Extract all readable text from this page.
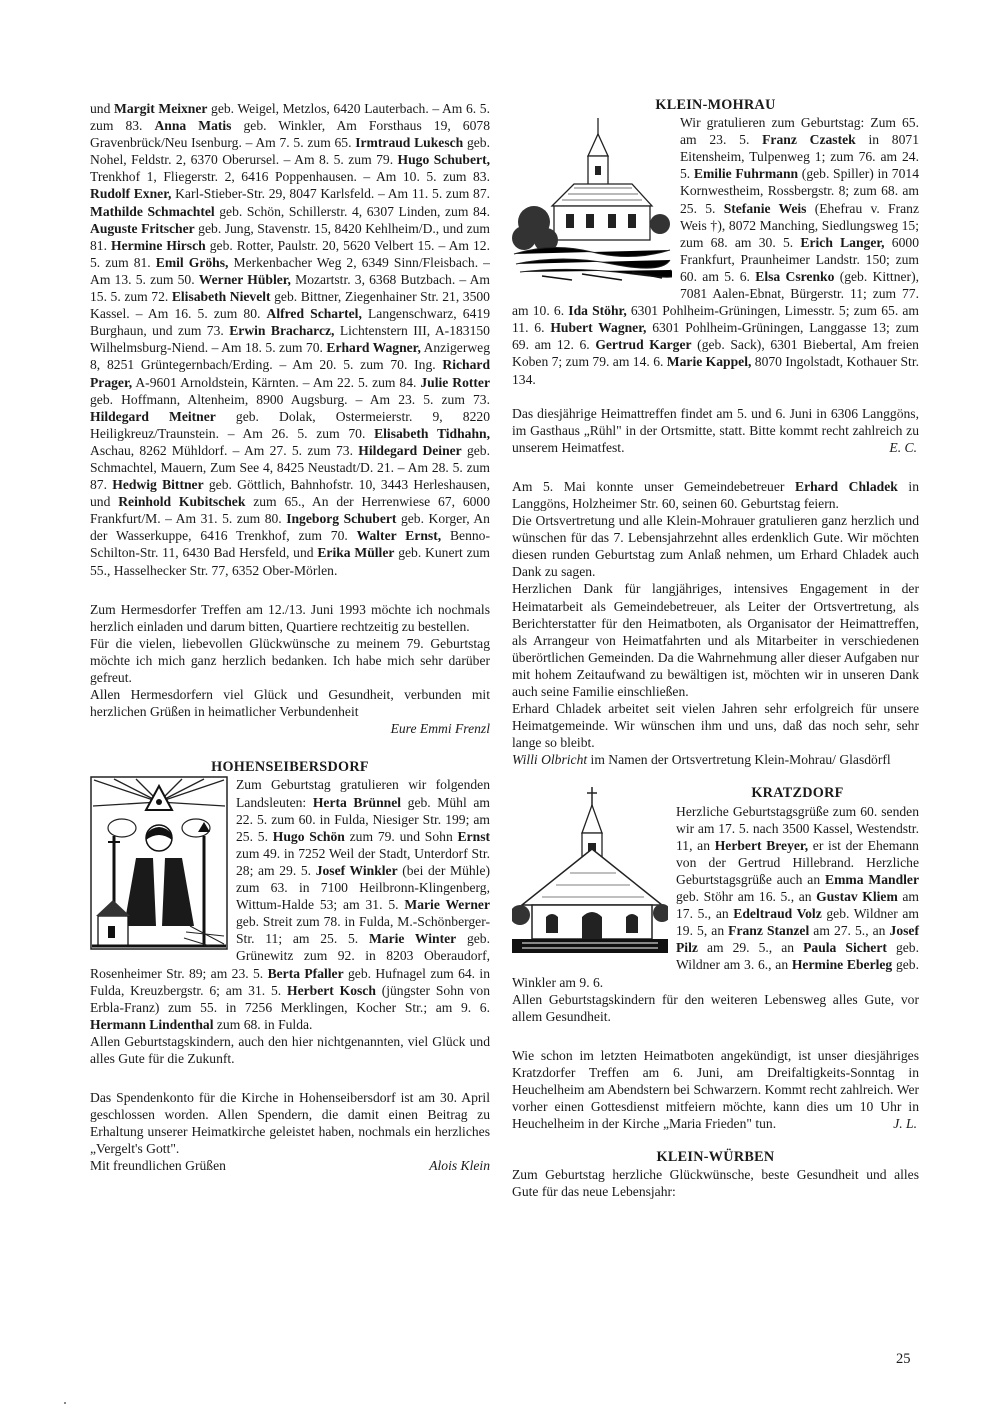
und Margit Meixner geb. Weigel, Metzlos, 6420 Lauterbach. – Am 6. 5. zum 83. Anna Matis geb. Winkler, Am Forsthaus 19, 6078 Gravenbrück/Neu Isenburg. – Am 7. 5. zum 65. Irmtraud Lukesch geb. Nohel, Feldstr. 2, 6370 Oberursel. – Am 8. 5. zum 79. Hugo Schubert, Trenkhof 1, Fliegerstr. 2, 6416 Poppenhausen. – Am 10. 5. zum 83. Rudolf Exner, Karl-Stieber-Str. 29, 8047 Karlsfeld. – Am 11. 5. zum 87. Mathilde Schmachtel geb. Schön, Schillerstr. 4, 6307 Linden, zum 84. Auguste Fritscher geb. Jung, Stavenstr. 15, 8420 Kehlheim/D., und zum 81. Hermine Hirsch geb. Rotter, Paulstr. 20, 5620 Velbert 15. – Am 12. 5. zum 81. Emil Gröhs, Merkenbacher Weg 2, 6349 Sinn/Fleisbach. – Am 13. 5. zum 50. Werner Hübler, Mozartstr. 3, 6368 Butzbach. – Am 15. 5. zum 72. Elisabeth Nievelt geb. Bittner, Ziegenhainer Str. 21, 3500 Kassel. – Am 16. 5. zum 80. Alfred Schartel, Langenschwarz, 6419 Burghaun, und zum 73. Erwin Bracharcz, Lichtenstern III, A-183150 Wilhelmsburg-Niend. – Am 18. 5. zum 70. Erhard Wagner, Anzigerweg 8, 8251 Grüntegernbach/Erding. – Am 20. 5. zum 70. Ing. Richard Prager, A-9601 Arnoldstein, Kärnten. – Am 22. 5. zum 84. Julie Rotter geb. Hoffmann, Altenheim, 8900 Augsburg. – Am 23. 5. zum 73. Hildegard Meitner geb. Dolak, Ostermeierstr. 9, 8220 Heiligkreuz/Traunstein. – Am 26. 5. zum 70. Elisabeth Tidhahn, Aschau, 8262 Mühldorf. – Am 27. 5. zum 73. Hildegard Deiner geb. Schmachtel, Mauern, Zum See 4, 8425 Neustadt/D. 21. – Am 28. 5. zum 87. Hedwig Bittner geb. Göttlich, Bahnhofstr. 10, 3443 Herleshausen, und Reinhold Kubitschek zum 65., An der Herrenwiese 67, 6000 Frankfurt/M. – Am 31. 5. zum 80. Ingeborg Schubert geb. Korger, An der Wasserkuppe, 6416 Trenkhof, zum 70. Walter Ernst, Benno-Schilton-Str. 11, 6430 Bad Hersfeld, und Erika Müller geb. Kunert zum 55., Hasselhecker Str. 77, 6352 Ober-Mörlen.

Zum Hermesdorfer Treffen am 12./13. Juni 1993 möchte ich nochmals herzlich einladen und darum bitten, Quartiere rechtzeitig zu bestellen.

Für die vielen, liebevollen Glückwünsche zu meinem 79. Geburtstag möchte ich mich ganz herzlich bedanken. Ich habe mich sehr darüber gefreut.

Allen Hermesdorfern viel Glück und Gesundheit, verbunden mit herzlichen Grüßen in heimatlicher Verbundenheit

Eure Emmi Frenzl

HOHENSEIBERSDORF

Zum Geburtstag gratulieren wir folgenden Landsleuten: Herta Brünnel geb. Mühl am 22. 5. zum 60. in Fulda, Niesiger Str. 199; am 25. 5. Hugo Schön zum 79. und Sohn Ernst zum 49. in 7252 Weil der Stadt, Unterdorf Str. 28; am 29. 5. Josef Winkler (bei der Mühle) zum 63. in 7100 Heilbronn-Klingenberg, Wittum-Halde 53; am 31. 5. Marie Werner geb. Streit zum 78. in Fulda, M.-Schönberger-Str. 11; am 25. 5. Marie Winter geb. Grünewitz zum 92. in 8203 Oberaudorf, Rosenheimer Str. 89; am 23. 5. Berta Pfaller geb. Hufnagel zum 64. in Fulda, Kreuzbergstr. 6; am 31. 5. Herbert Kosch (jüngster Sohn von Erbla-Franz) zum 55. in 7256 Merklingen, Kocher Str.; am 9. 6. Hermann Lindenthal zum 68. in Fulda.

Allen Geburtstagskindern, auch den hier nichtgenannten, viel Glück und alles Gute für die Zukunft.

Das Spendenkonto für die Kirche in Hohenseibersdorf ist am 30. April geschlossen worden. Allen Spendern, die damit einen Beitrag zu Erhaltung unserer Heimatkirche geleistet haben, nochmals ein herzliches „Vergelt's Gott".

Mit freundlichen Grüßen	Alois Klein
KLEIN-MOHRAU

Wir gratulieren zum Geburtstag: Zum 65. am 23. 5. Franz Czastek in 8071 Eitensheim, Tulpenweg 1; zum 76. am 24. 5. Emilie Fuhrmann (geb. Spiller) in 7014 Kornwestheim, Rossbergstr. 8; zum 68. am 25. 5. Stefanie Weis (Ehefrau v. Franz Weis †), 8072 Manching, Siedlungsweg 15; zum 68. am 30. 5. Erich Langer, 6000 Frankfurt, Praunheimer Landstr. 150; zum 60. am 5. 6. Elsa Csrenko (geb. Kittner), 7081 Aalen-Ebnat, Bürgerstr. 11; zum 77. am 10. 6. Ida Stöhr, 6301 Pohlheim-Grüningen, Limesstr. 5; zum 65. am 11. 6. Hubert Wagner, 6301 Pohlheim-Grüningen, Langgasse 13; zum 69. am 12. 6. Gertrud Karger (geb. Sack), 6301 Biebertal, Am freien Koben 7; zum 79. am 14. 6. Marie Kappel, 8070 Ingolstadt, Kothauer Str. 134.

Das diesjährige Heimattreffen findet am 5. und 6. Juni in 6306 Langgöns, im Gasthaus „Rühl" in der Ortsmitte, statt. Bitte kommt recht zahlreich zu unserem Heimatfest.	E. C.

Am 5. Mai konnte unser Gemeindebetreuer Erhard Chladek in Langgöns, Holzheimer Str. 60, seinen 60. Geburtstag feiern.

Die Ortsvertretung und alle Klein-Mohrauer gratulieren ganz herzlich und wünschen für das 7. Lebensjahrzehnt alles erdenklich Gute. Wir möchten diesen runden Geburtstag zum Anlaß nehmen, um Erhard Chladek auch Dank zu sagen.

Herzlichen Dank für langjähriges, intensives Engagement in der Heimatarbeit als Gemeindebetreuer, als Leiter der Ortsvertretung, als Berichterstatter für den Heimatboten, als Organisator der Heimattreffen, als Arrangeur von Heimatfahrten und als Mitarbeiter in verschiedenen überörtlichen Gemeinden. Da die Wahrnehmung aller dieser Aufgaben nur mit hohem Zeitaufwand zu bewältigen ist, möchten wir in unseren Dank auch seine Familie einschließen.

Erhard Chladek arbeitet seit vielen Jahren sehr erfolgreich für unsere Heimatgemeinde. Wir wünschen ihm und uns, daß das noch sehr, sehr lange so bleibt.

Willi Olbricht im Namen der Ortsvertretung Klein-Mohrau/ Glasdörfl

KRATZDORF
Herzliche Geburtstagsgrüße zum 60. senden wir am 17. 5. nach 3500 Kassel, Westendstr. 11, an Herbert Breyer, er ist der Ehemann von der Gertrud Hillebrand. Herzliche Geburtstagsgrüße auch an Emma Mandler geb. Stöhr am 16. 5., an Gustav Kliem am 17. 5., an Edeltraud Volz geb. Wildner am 19. 5, an Franz Stanzel am 27. 5., an Josef Pilz am 29. 5., an Paula Sichert geb. Wildner am 3. 6., an Hermine Eberleg geb. Winkler am 9. 6.

Allen Geburtstagskindern für den weiteren Lebensweg alles Gute, vor allem Gesundheit.

Wie schon im letzten Heimatboten angekündigt, ist unser diesjähriges Kratzdorfer Treffen am 6. Juni, am Dreifaltigkeits-Sonntag in Heuchelheim am Abendstern bei Schwarzern. Kommt recht zahlreich. Wer vorher einen Gottesdienst mitfeiern möchte, kann dies um 10 Uhr in Heuchelheim in der Kirche „Maria Frieden" tun.	J. L.

KLEIN-WÜRBEN

Zum Geburtstag herzliche Glückwünsche, beste Gesundheit und alles Gute für das neue Lebensjahr:

25
